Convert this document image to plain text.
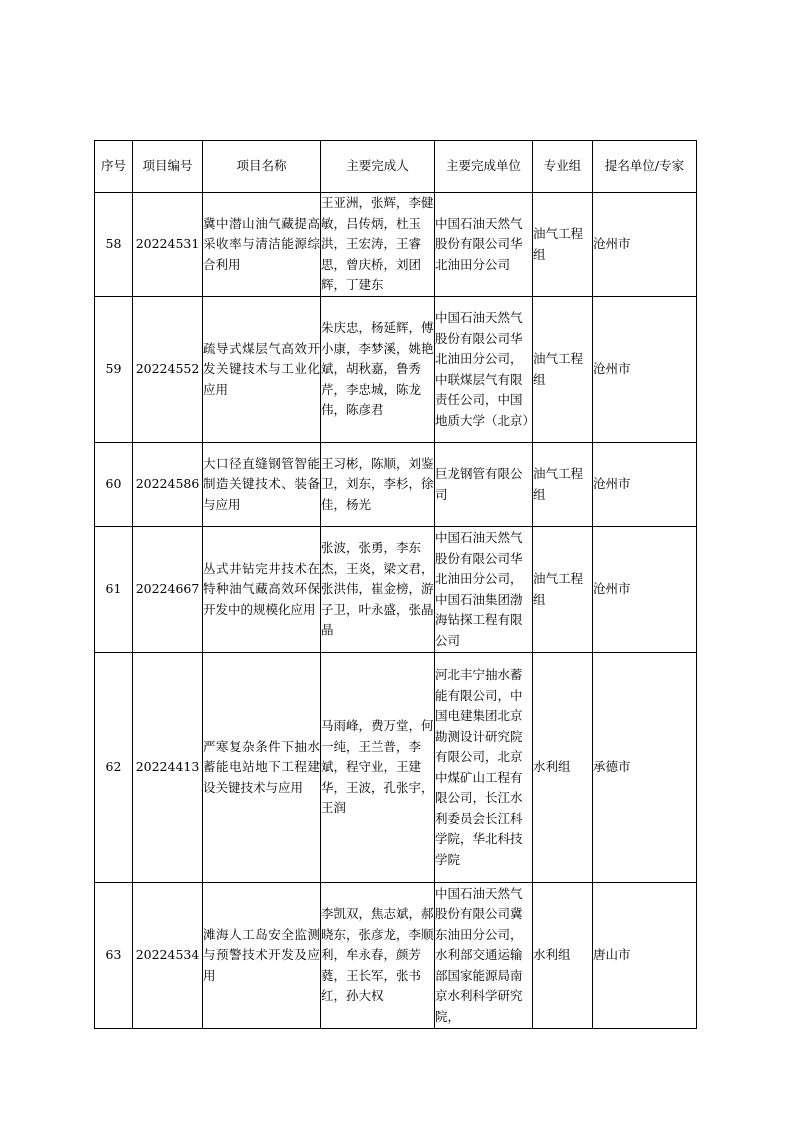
序号	项目编号	项目名称	主要完成人	主要完成单位	专业组	提名单位/专家
58	20224531	冀中潜山油气藏提高采收率与清洁能源综合利用	王亚洲，张辉，李健敏，吕传炳，杜玉洪，王宏涛，王睿思，曾庆桥，刘团辉，丁建东	中国石油天然气股份有限公司华北油田分公司	油气工程组	沧州市
59	20224552	疏导式煤层气高效开发关键技术与工业化应用	朱庆忠，杨延辉，傅小康，李梦溪，姚艳斌，胡秋嘉，鲁秀芹，李忠城，陈龙伟，陈彦君	中国石油天然气股份有限公司华北油田分公司，中联煤层气有限责任公司，中国地质大学（北京）	油气工程组	沧州市
60	20224586	大口径直缝钢管智能制造关键技术、装备与应用	王习彬，陈顺，刘鉴卫，刘东，李杉，徐佳，杨光	巨龙钢管有限公司	油气工程组	沧州市
61	20224667	丛式井钻完井技术在特种油气藏高效环保开发中的规模化应用	张波，张勇，李东杰，王炎，梁文君，张洪伟，崔金榜，游子卫，叶永盛，张晶晶	中国石油天然气股份有限公司华北油田分公司，中国石油集团渤海钻探工程有限公司	油气工程组	沧州市
62	20224413	严寒复杂条件下抽水蓄能电站地下工程建设关键技术与应用	马雨峰，费万堂，何一纯，王兰普，李斌，程守业，王建华，王波，孔张宇，王润	河北丰宁抽水蓄能有限公司，中国电建集团北京勘测设计研究院有限公司，北京中煤矿山工程有限公司，长江水利委员会长江科学院，华北科技学院	水利组	承德市
63	20224534	滩海人工岛安全监测与预警技术开发及应用	李凯双，焦志斌，郝晓东，张彦龙，李顺利，牟永春，颜芳蕤，王长军，张书红，孙大权	中国石油天然气股份有限公司冀东油田分公司，水利部交通运输部国家能源局南京水利科学研究院，	水利组	唐山市
